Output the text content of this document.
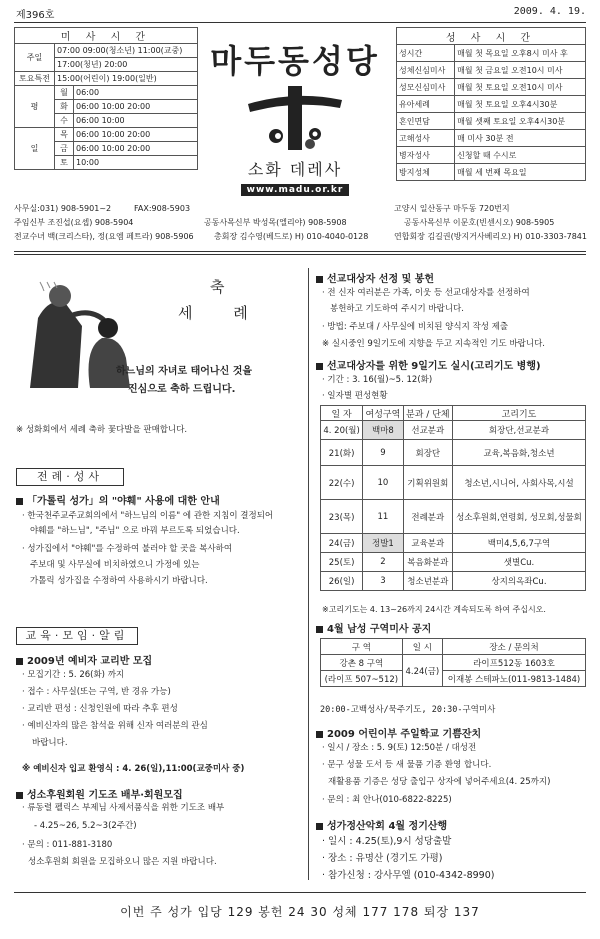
제396호	2009. 4. 19.
미 사 시 간		
주일	07:00 09:00(청소년) 11:00(교중)	
	17:00(청년) 20:00	
토요특전	15:00(어린이) 19:00(일반)	
평	월	06:00
	화	06:00 10:00 20:00
	수	06:00 10:00
일	목	06:00 10:00 20:00
	금	06:00 10:00 20:00
	토	10:00
마두동성당
소화 데레사
www.madu.or.kr
성 사 시 간	
성시간	매월 첫 목요일 오후8시 미사 후
성체신심미사	매월 첫 금요일 오전10시 미사
성모신심미사	매월 첫 토요일 오전10시 미사
유아세례	매월 첫 토요일 오후4시30분
혼인면담	매월 셋째 토요일 오후4시30분
고해성사	매 미사 30분 전
병자성사	신청할 때 수시로
방지성체	매월 세 번째 목요일
사무실:031) 908-5901~2	FAX:908-5903	고양시 일산동구 마두동 720번지
주임신부 조진섭(요셉) 908-5904	공동사목신부 박성목(엘리야) 908-5908	공동사목신부 이문호(빈센시오) 908-5905
전교수녀 백(크리스타), 정(요엠 페트라) 908-5906	총회장 김수영(베드로) H) 010-4040-0128	연합회장 김길권(방지거사베리오) H) 010-3303-7841
축
세 례
하느님의 자녀로 태어나신 것을
진심으로 축하 드립니다.
※ 성화회에서 세례 축하 꽃다발을 판매합니다.
전례·성사
「가톨릭 성가」의 "야훼" 사용에 대한 안내
· 한국천주교주교회의에서 "하느님의 이름" 에 관한 지침이 결정되어
야훼를 "하느님", "주님" 으로 바꿔 부르도록 되었습니다.
· 성가집에서 "야훼"를 수정하여 불러야 할 곳을 복사하여
주보대 및 사무실에 비치하였으니 가정에 있는
가톨릭 성가집을 수정하여 사용하시기 바랍니다.
교육·모임·알림
2009년 예비자 교리반 모집
· 모집기간 : 5. 26(화) 까지
· 접수 : 사무실(또는 구역, 반 경유 가능)
· 교리반 편성 : 신청인원에 따라 추후 편성
· 예비신자의 많은 참석을 위해 신자 여러분의 관심
바랍니다.
※ 예비신자 입교 환영식 : 4. 26(일),11:00(교중미사 중)
성소후원회원 기도조 배부·회원모집
· 류동렬 펠릭스 부제님 사제서품식을 위한 기도조 배부
- 4.25~26, 5.2~3(2주간)
· 문의 : 011-881-3180
성소후원회 회원을 모집하오니 많은 지원 바랍니다.
선교대상자 선정 및 봉헌
· 전 신자 여러분은 가족, 이웃 등 선교대상자를 선정하여
봉헌하고 기도하여 주시기 바랍니다.
· 방법: 주보대 / 사무실에 비치된 양식지 작성 제출
※ 실시중인 9일기도에 지향을 두고 지속적인 기도 바랍니다.
선교대상자를 위한 9일기도 실시(고리기도 병행)
· 기간 : 3. 16(월)~5. 12(화)
· 일자별 편성현황
일 자	여성구역	분과 / 단체	고리기도
4. 20(월)	백마8	선교분과	회장단,선교분과
21(화)	9	회장단	교육,복음화,청소년
22(수)	10	기획위원회	청소년,시니어, 사회사목,시설
23(목)	11	전례분과	성소후원회,연령회, 성모회,성물회
24(금)	정발1	교육분과	백미4,5,6,7구역
25(토)	2	복음화분과	샛별Cu.
26(일)	3	청소년분과	상지의옥좌Cu.
※고리기도는 4. 13~26까지 24시간 계속되도록 하여 주십시오.
4월 남성 구역미사 공지
구 역	일 시	장소 / 문의처
강촌 8 구역	4.24(금)	라이프512동 1603호
(라이프 507~512)		이재봉 스테파노(011-9813-1484)
20:00-고백성사/묵주기도, 20:30-구역미사
2009 어린이부 주일학교 기쁨잔치
· 일시 / 장소 : 5. 9(토) 12:50분 / 대성전
· 문구 성물 도서 등 새 물품 기증 환영 합니다.
재활용품 기증은 성당 출입구 상자에 넣어주세요(4. 25까지)
· 문의 : 최 안나(010-6822-8225)
성가정산악회 4월 정기산행
· 일시 : 4.25(토),9시 성당출발
· 장소 : 유명산 (경기도 가평)
· 참가신청 : 강사무엘 (010-4342-8990)
이번 주 성가 입당 129 봉헌 24 30 성체 177 178 퇴장 137
